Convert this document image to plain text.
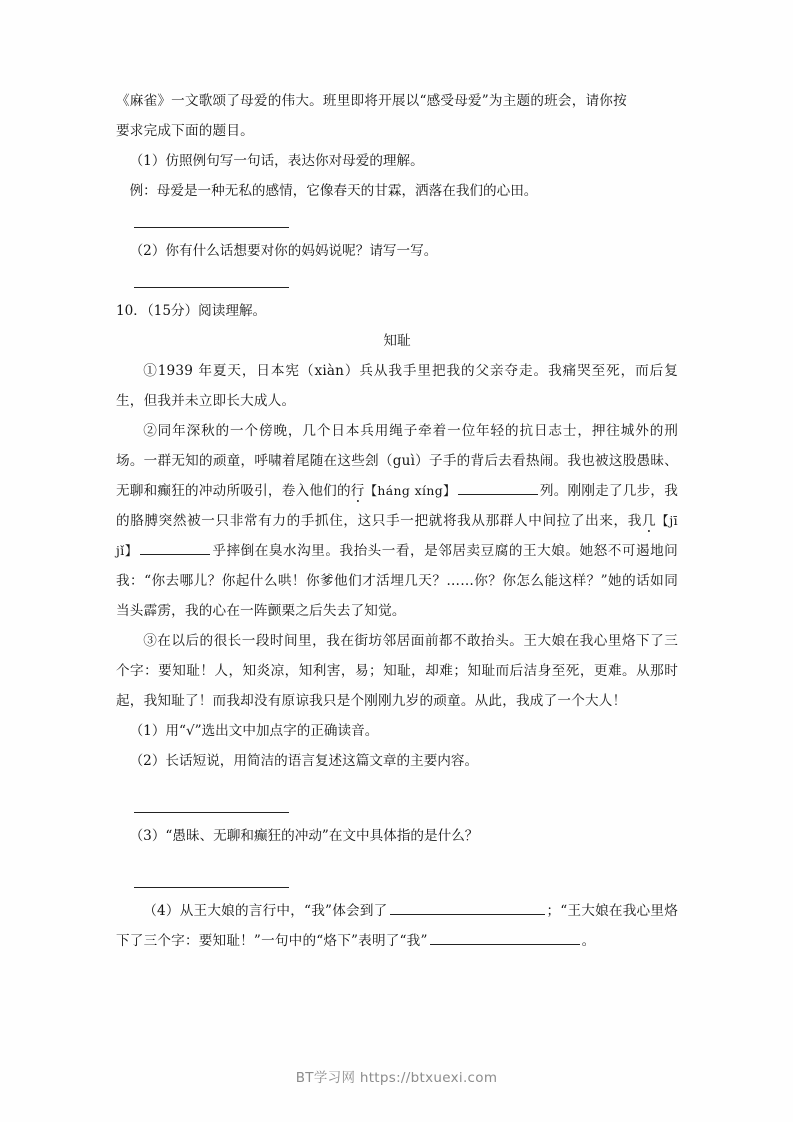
《麻雀》一文歌颂了母爱的伟大。班里即将开展以“感受母爱”为主题的班会，请你按

要求完成下面的题目。

（1）仿照例句写一句话，表达你对母爱的理解。

例：母爱是一种无私的感情，它像春天的甘霖，洒落在我们的心田。

（2）你有什么话想要对你的妈妈说呢？请写一写。

10．（15分）阅读理解。

知耻

①1939 年夏天，日本宪（xiàn）兵从我手里把我的父亲夺走。我痛哭至死，而后复生，但我并未立即长大成人。

②同年深秋的一个傍晚，几个日本兵用绳子牵着一位年轻的抗日志士，押往城外的刑场。一群无知的顽童，呼啸着尾随在这些刽（guì）子手的背后去看热闹。我也被这股愚昧、无聊和癫狂的冲动所吸引，卷入他们的行【háng xíng】	列。刚刚走了几步，我的胳膊突然被一只非常有力的手抓住，这只手一把就将我从那群人中间拉了出来，我几【jī jǐ】	乎摔倒在臭水沟里。我抬头一看，是邻居卖豆腐的王大娘。她怒不可遏地问我：“你去哪儿？你起什么哄！你爹他们才活埋几天？……你？你怎么能这样？”她的话如同当头霹雳，我的心在一阵颤栗之后失去了知觉。

③在以后的很长一段时间里，我在街坊邻居面前都不敢抬头。王大娘在我心里烙下了三个字：要知耻！人，知炎凉，知利害，易；知耻，却难；知耻而后洁身至死，更难。从那时起，我知耻了！而我却没有原谅我只是个刚刚九岁的顽童。从此，我成了一个大人！

（1）用“√”选出文中加点字的正确读音。

（2）长话短说，用简洁的语言复述这篇文章的主要内容。

（3）“愚昧、无聊和癫狂的冲动”在文中具体指的是什么？

（4）从王大娘的言行中，“我”体会到了	；“王大娘在我心里烙下了三个字：要知耻！”一句中的“烙下”表明了“我”	。

BT学习网 https://btxuexi.com
